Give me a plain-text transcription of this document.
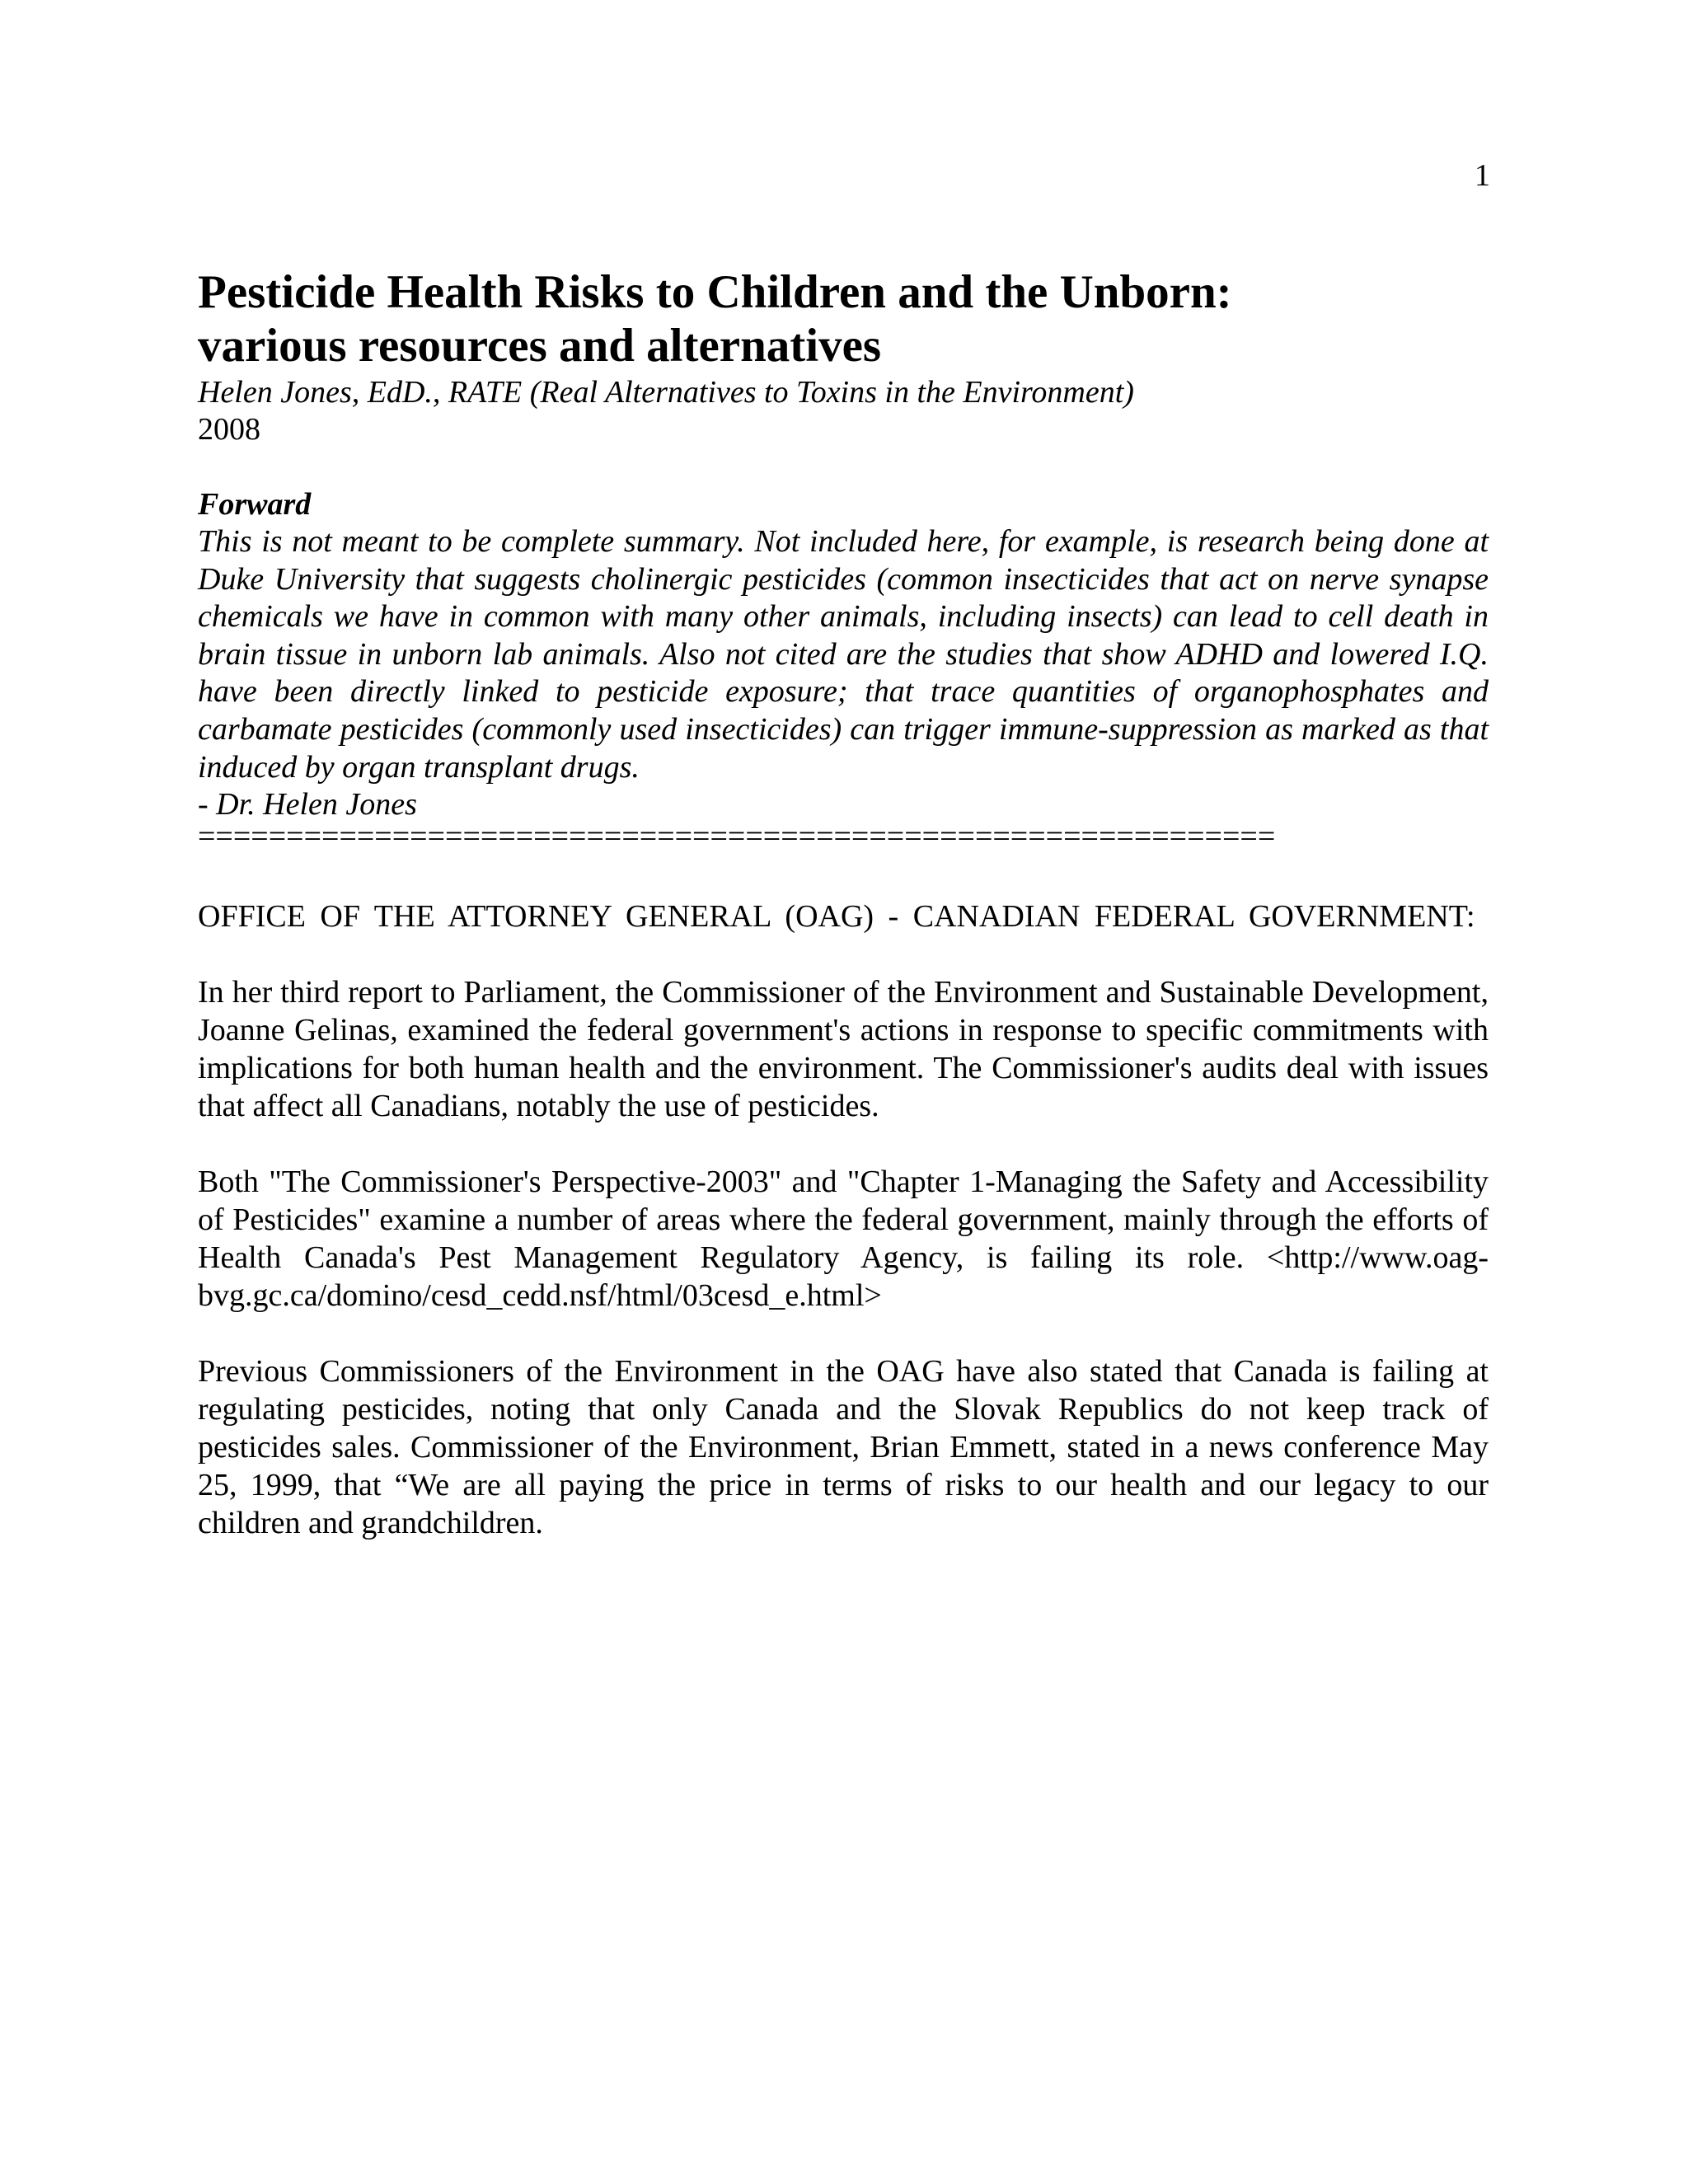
1
Pesticide Health Risks to Children and the Unborn:
various resources and alternatives

Helen Jones, EdD., RATE (Real Alternatives to Toxins in the Environment)

2008

Forward

This is not meant to be complete summary. Not included here, for example, is research being done at Duke University that suggests cholinergic pesticides (common insecticides that act on nerve synapse chemicals we have in common with many other animals, including insects) can lead to cell death in brain tissue in unborn lab animals. Also not cited are the studies that show ADHD and lowered I.Q. have been directly linked to pesticide exposure; that trace quantities of organophosphates and carbamate pesticides (commonly used insecticides) can trigger immune-suppression as marked as that induced by organ transplant drugs.

- Dr. Helen Jones

=============================================================

OFFICE OF THE ATTORNEY GENERAL (OAG) - CANADIAN FEDERAL GOVERNMENT:

In her third report to Parliament, the Commissioner of the Environment and Sustainable Development, Joanne Gelinas, examined the federal government's actions in response to specific commitments with implications for both human health and the environment. The Commissioner's audits deal with issues that affect all Canadians, notably the use of pesticides.

Both "The Commissioner's Perspective-2003" and "Chapter 1-Managing the Safety and Accessibility of Pesticides" examine a number of areas where the federal government, mainly through the efforts of Health Canada's Pest Management Regulatory Agency, is failing its role. <http://www.oag-bvg.gc.ca/domino/cesd_cedd.nsf/html/03cesd_e.html>

Previous Commissioners of the Environment in the OAG have also stated that Canada is failing at regulating pesticides, noting that only Canada and the Slovak Republics do not keep track of pesticides sales. Commissioner of the Environment, Brian Emmett, stated in a news conference May 25, 1999, that “We are all paying the price in terms of risks to our health and our legacy to our children and grandchildren.
